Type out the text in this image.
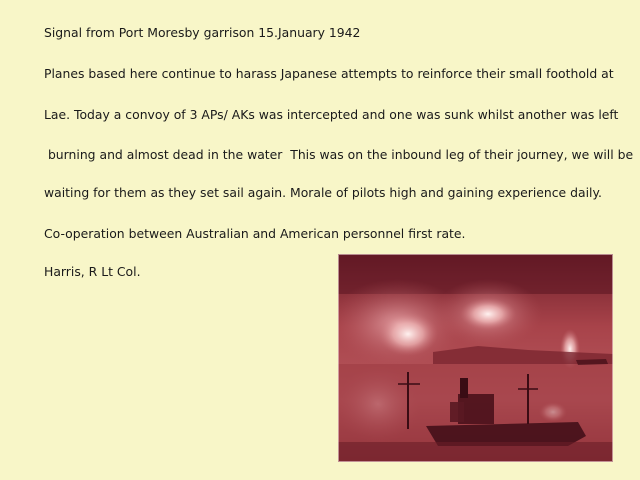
Signal from Port Moresby garrison 15.January 1942
Planes based here continue to harass Japanese attempts to reinforce their small foothold at
Lae. Today a convoy of 3 APs/ AKs was intercepted and one was sunk whilst another was left
burning and almost dead in the water  This was on the inbound leg of their journey, we will be
waiting for them as they set sail again. Morale of pilots high and gaining experience daily.
Co-operation between Australian and American personnel first rate.
Harris, R Lt Col.
